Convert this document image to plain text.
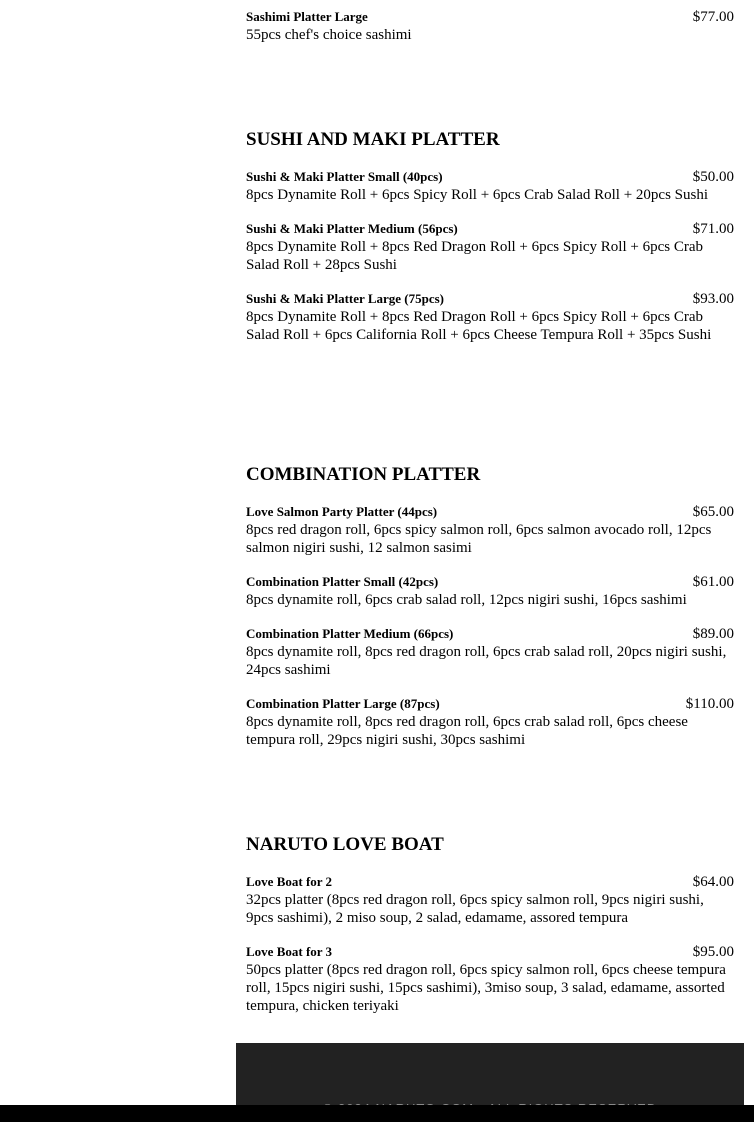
Sashimi Platter Large	$77.00
55pcs chef's choice sashimi
SUSHI AND MAKI PLATTER
Sushi & Maki Platter Small (40pcs)	$50.00
8pcs Dynamite Roll + 6pcs Spicy Roll + 6pcs Crab Salad Roll + 20pcs Sushi
Sushi & Maki Platter Medium (56pcs)	$71.00
8pcs Dynamite Roll + 8pcs Red Dragon Roll + 6pcs Spicy Roll + 6pcs Crab Salad Roll + 28pcs Sushi
Sushi & Maki Platter Large (75pcs)	$93.00
8pcs Dynamite Roll + 8pcs Red Dragon Roll + 6pcs Spicy Roll + 6pcs Crab Salad Roll + 6pcs California Roll + 6pcs Cheese Tempura Roll + 35pcs Sushi
COMBINATION PLATTER
Love Salmon Party Platter (44pcs)	$65.00
8pcs red dragon roll, 6pcs spicy salmon roll, 6pcs salmon avocado roll, 12pcs salmon nigiri sushi, 12 salmon sasimi
Combination Platter Small (42pcs)	$61.00
8pcs dynamite roll, 6pcs crab salad roll, 12pcs nigiri sushi, 16pcs sashimi
Combination Platter Medium (66pcs)	$89.00
8pcs dynamite roll, 8pcs red dragon roll, 6pcs crab salad roll, 20pcs nigiri sushi, 24pcs sashimi
Combination Platter Large (87pcs)	$110.00
8pcs dynamite roll, 8pcs red dragon roll, 6pcs crab salad roll, 6pcs cheese tempura roll, 29pcs nigiri sushi, 30pcs sashimi
NARUTO LOVE BOAT
Love Boat for 2	$64.00
32pcs platter (8pcs red dragon roll, 6pcs spicy salmon roll, 9pcs nigiri sushi, 9pcs sashimi), 2 miso soup, 2 salad, edamame, assored tempura
Love Boat for 3	$95.00
50pcs platter (8pcs red dragon roll, 6pcs spicy salmon roll, 6pcs cheese tempura roll, 15pcs nigiri sushi, 15pcs sashimi), 3miso soup, 3 salad, edamame, assorted tempura, chicken teriyaki
